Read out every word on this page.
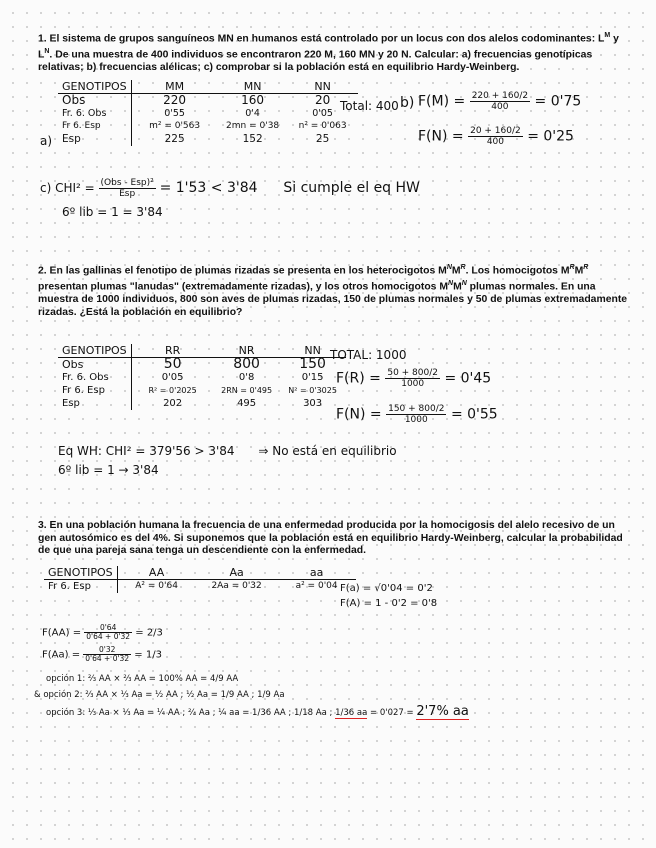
1. El sistema de grupos sanguíneos MN en humanos está controlado por un locus con dos alelos codominantes: $L^M$ y $L^N$. De una muestra de 400 individuos se encontraron 220 M, 160 MN y 20 N. Calcular: a) frecuencias genotípicas relativas; b) frecuencias alélicas; c) comprobar si la población está en equilibrio Hardy-Weinberg.

GENOTIPOS	MM	MN	NN
Obs	220	160	20
Fr. 6. Obs	0'55	0'4	0'05
Fr 6. Esp	m² = 0'563	2mn = 0'38	n² = 0'063
Esp	225	152	25
a)
Total: 400 b) $F(M) = \frac{220 + 160/2}{400} = 0'75$
$F(N) = \frac{20 + 160/2}{400} = 0'25$
c) $CHI^2 = \frac{\text{(Obs - Esp)²}}{\text{Esp}} = 1'53 < 3'84$ Si cumple el eq HW
6º lib = 1 = 3'84

2. En las gallinas el fenotipo de plumas rizadas se presenta en los heterocigotos $M^NM^R$. Los homocigotos $M^RM^R$ presentan plumas "lanudas" (extremadamente rizadas), y los otros homocigotos $M^NM^N$ plumas normales. En una muestra de 1000 individuos, 800 son aves de plumas rizadas, 150 de plumas normales y 50 de plumas extremadamente rizadas. ¿Está la población en equilibrio?

GENOTIPOS	RR	NR	NN
Obs	50	800	150
Fr. 6. Obs	0'05	0'8	0'15
Fr 6. Esp	R² = 0'2025	2RN = 0'495	N² = 0'3025
Esp	202	495	303
TOTAL: 1000
$F(R) = \frac{50 + 800/2}{1000} = 0'45$
$F(N) = \frac{150 + 800/2}{1000} = 0'55$
Eq WH: CHI² = 379'56 > 3'84 ⇒ No está en equilibrio
6º lib = 1 → 3'84

3. En una población humana la frecuencia de una enfermedad producida por la homocigosis del alelo recesivo de un gen autosómico es del 4%. Si suponemos que la población está en equilibrio Hardy-Weinberg, calcular la probabilidad de que una pareja sana tenga un descendiente con la enfermedad.

GENOTIPOS	AA	Aa	aa
Fr 6. Esp	A² = 0'64	2Aa = 0'32	a² = 0'04 F(a) = √0'04 = 0'2
F(A) = 1 - 0'2 = 0'8
$F(AA) = \frac{0'64}{0'64 + 0'32} = 2/3$
$F(Aa) = \frac{0'32}{0'64 + 0'32} = 1/3$
opción 1: ⅔ AA × ⅔ AA = 100% AA = 4/9 AA
& opción 2: ⅔ AA × ⅓ Aa = ½ AA ; ½ Aa = 1/9 AA ; 1/9 Aa
opción 3: ⅓ Aa × ⅓ Aa = ¼ AA ; ²⁄₄ Aa ; ¼ aa = 1/36 AA ; 1/18 Aa ; 1/36 aa = 0'027 = 2'7% aa
